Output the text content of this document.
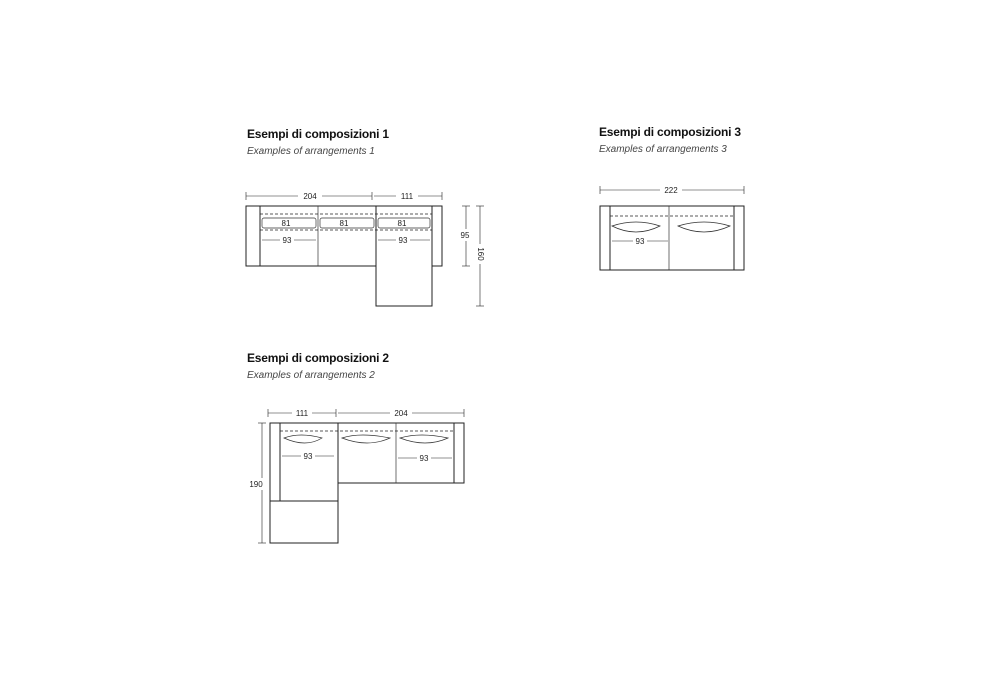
Esempi di composizioni 1
Examples of arrangements 1
Esempi di composizioni 2
Examples of arrangements 2
Esempi di composizioni 3
Examples of arrangements 3
204	111
81	81	81
93	93
95
160
111	204
93	93
190
222
93
